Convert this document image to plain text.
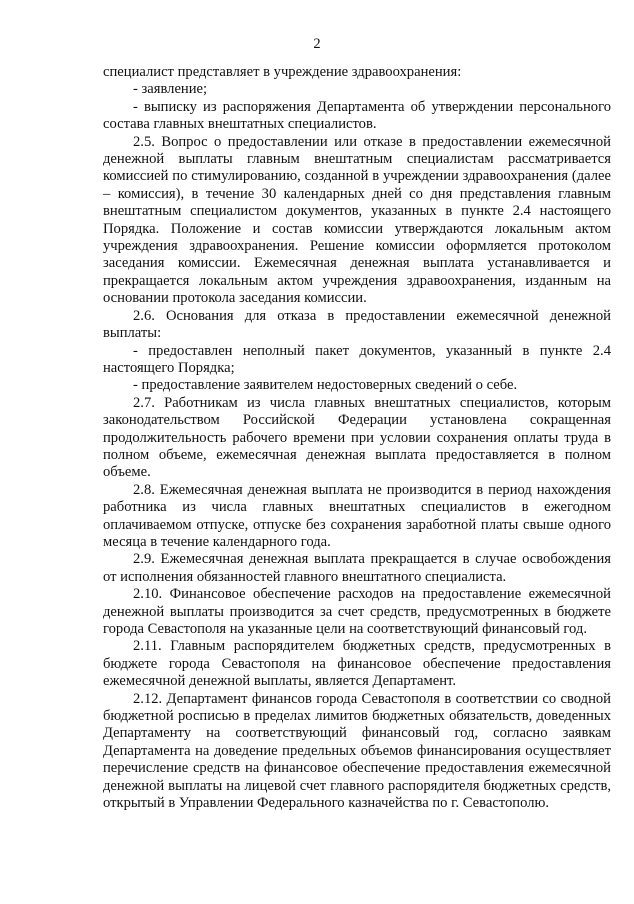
2

специалист представляет в учреждение здравоохранения:

- заявление;

- выписку из распоряжения Департамента об утверждении персонального состава главных внештатных специалистов.

2.5. Вопрос о предоставлении или отказе в предоставлении ежемесячной денежной выплаты главным внештатным специалистам рассматривается комиссией по стимулированию, созданной в учреждении здравоохранения (далее – комиссия), в течение 30 календарных дней со дня представления главным внештатным специалистом документов, указанных в пункте 2.4 настоящего Порядка. Положение и состав комиссии утверждаются локальным актом учреждения здравоохранения. Решение комиссии оформляется протоколом заседания комиссии. Ежемесячная денежная выплата устанавливается и прекращается локальным актом учреждения здравоохранения, изданным на основании протокола заседания комиссии.

2.6. Основания для отказа в предоставлении ежемесячной денежной выплаты:

- предоставлен неполный пакет документов, указанный в пункте 2.4 настоящего Порядка;

- предоставление заявителем недостоверных сведений о себе.

2.7. Работникам из числа главных внештатных специалистов, которым законодательством Российской Федерации установлена сокращенная продолжительность рабочего времени при условии сохранения оплаты труда в полном объеме, ежемесячная денежная выплата предоставляется в полном объеме.

2.8. Ежемесячная денежная выплата не производится в период нахождения работника из числа главных внештатных специалистов в ежегодном оплачиваемом отпуске, отпуске без сохранения заработной платы свыше одного месяца в течение календарного года.

2.9. Ежемесячная денежная выплата прекращается в случае освобождения от исполнения обязанностей главного внештатного специалиста.

2.10. Финансовое обеспечение расходов на предоставление ежемесячной денежной выплаты производится за счет средств, предусмотренных в бюджете города Севастополя на указанные цели на соответствующий финансовый год.

2.11. Главным распорядителем бюджетных средств, предусмотренных в бюджете города Севастополя на финансовое обеспечение предоставления ежемесячной денежной выплаты, является Департамент.

2.12. Департамент финансов города Севастополя в соответствии со сводной бюджетной росписью в пределах лимитов бюджетных обязательств, доведенных Департаменту на соответствующий финансовый год, согласно заявкам Департамента на доведение предельных объемов финансирования осуществляет перечисление средств на финансовое обеспечение предоставления ежемесячной денежной выплаты на лицевой счет главного распорядителя бюджетных средств, открытый в Управлении Федерального казначейства по г. Севастополю.
